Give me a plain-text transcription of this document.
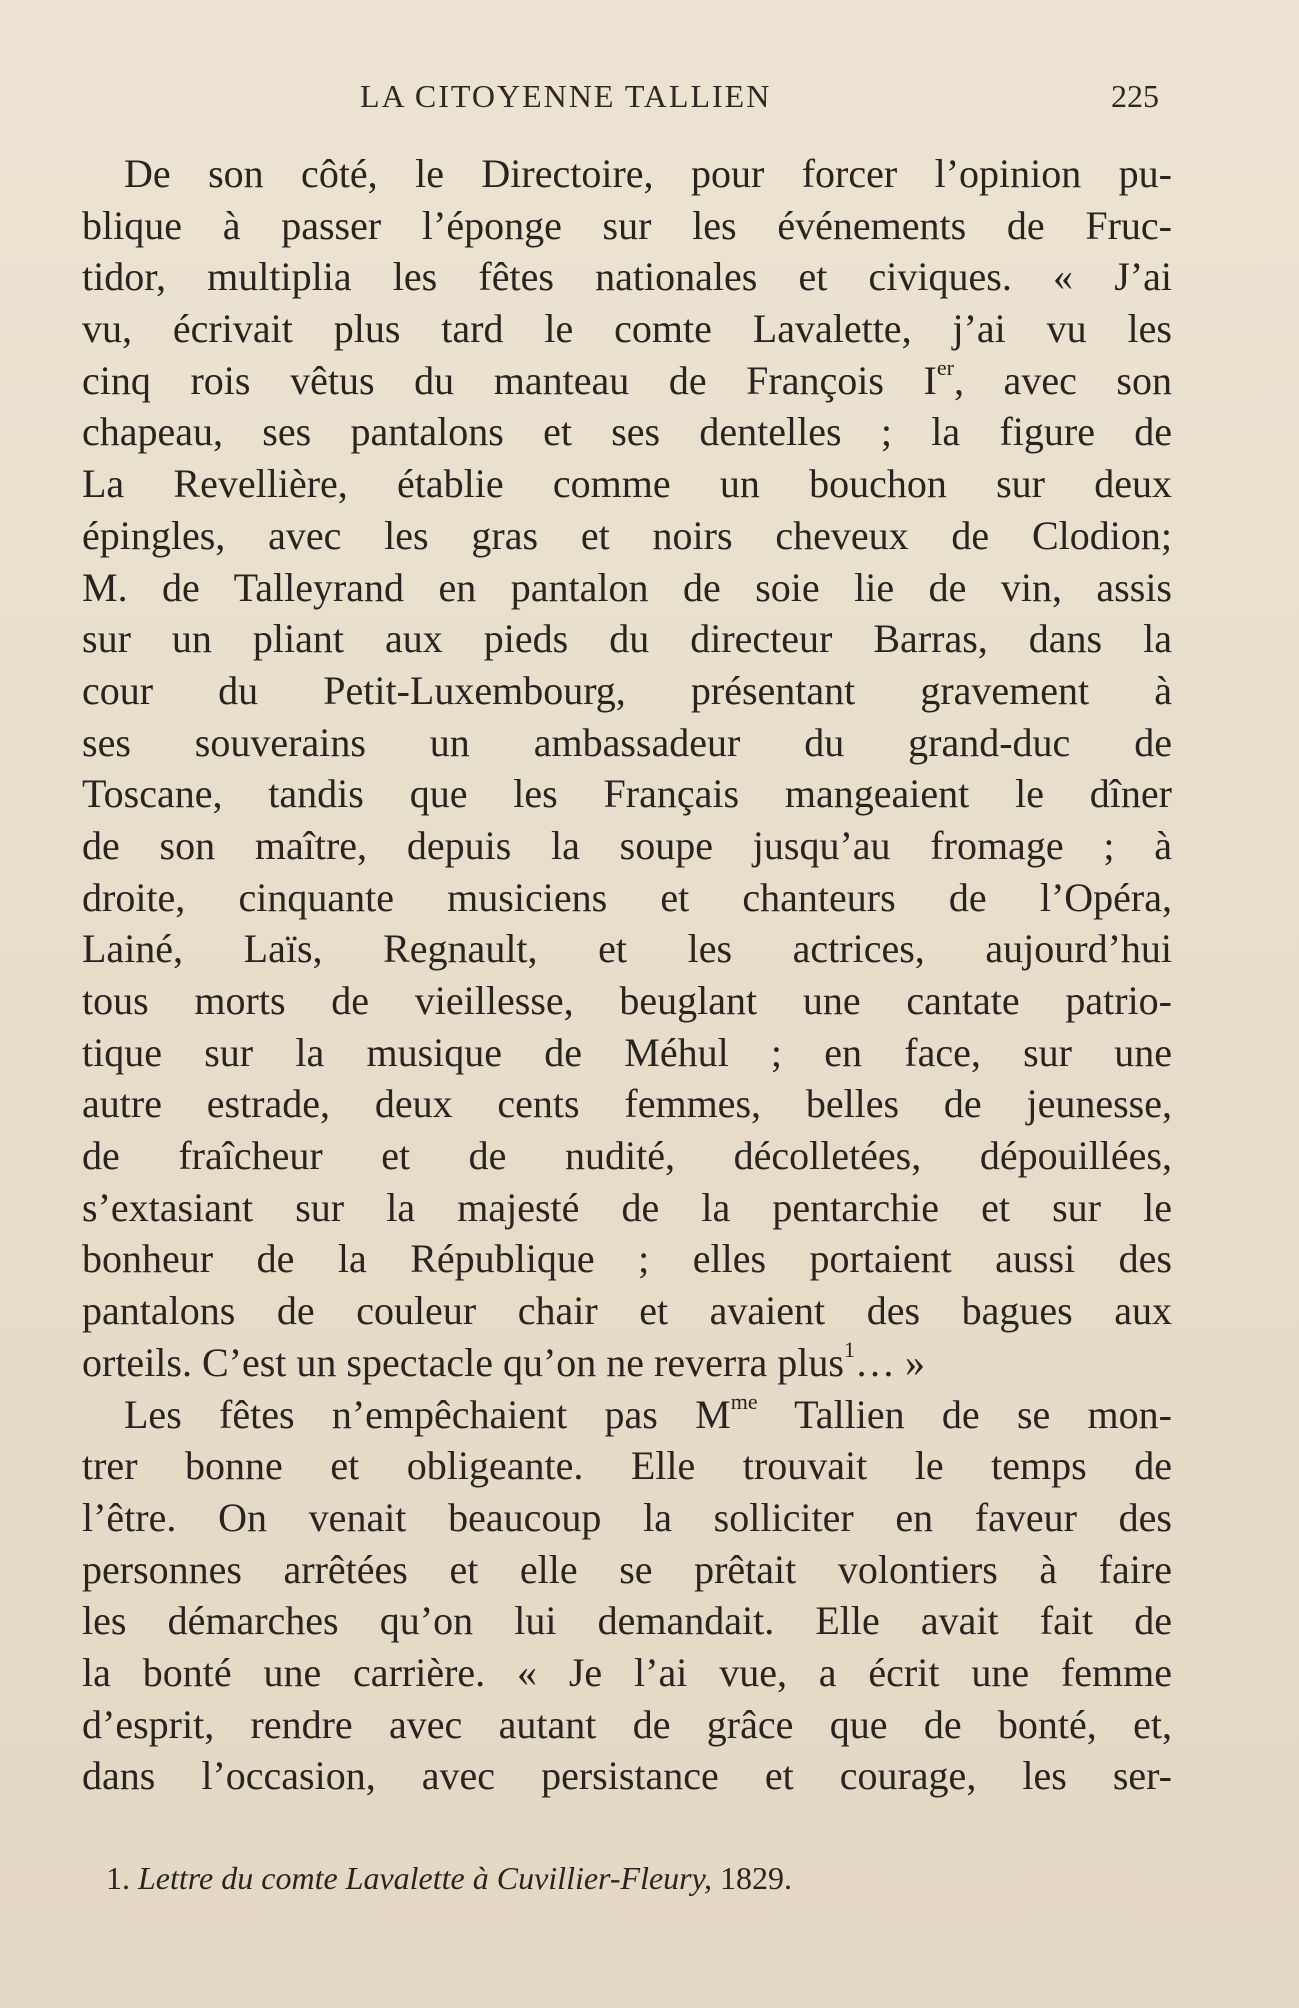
LA CITOYENNE TALLIEN	225
De son côté, le Directoire, pour forcer l’opinion pu-
blique à passer l’éponge sur les événements de Fruc-
tidor, multiplia les fêtes nationales et civiques. « J’ai
vu, écrivait plus tard le comte Lavalette, j’ai vu les
cinq rois vêtus du manteau de François Ier, avec son
chapeau, ses pantalons et ses dentelles ; la figure de
La Revellière, établie comme un bouchon sur deux
épingles, avec les gras et noirs cheveux de Clodion;
M. de Talleyrand en pantalon de soie lie de vin, assis
sur un pliant aux pieds du directeur Barras, dans la
cour du Petit-Luxembourg, présentant gravement à
ses souverains un ambassadeur du grand-duc de
Toscane, tandis que les Français mangeaient le dîner
de son maître, depuis la soupe jusqu’au fromage ; à
droite, cinquante musiciens et chanteurs de l’Opéra,
Lainé, Laïs, Regnault, et les actrices, aujourd’hui
tous morts de vieillesse, beuglant une cantate patrio-
tique sur la musique de Méhul ; en face, sur une
autre estrade, deux cents femmes, belles de jeunesse,
de fraîcheur et de nudité, décolletées, dépouillées,
s’extasiant sur la majesté de la pentarchie et sur le
bonheur de la République ; elles portaient aussi des
pantalons de couleur chair et avaient des bagues aux
orteils. C’est un spectacle qu’on ne reverra plus$^1$… »
Les fêtes n’empêchaient pas $M^{me}$ Tallien de se mon-
trer bonne et obligeante. Elle trouvait le temps de
l’être. On venait beaucoup la solliciter en faveur des
personnes arrêtées et elle se prêtait volontiers à faire
les démarches qu’on lui demandait. Elle avait fait de
la bonté une carrière. « Je l’ai vue, a écrit une femme
d’esprit, rendre avec autant de grâce que de bonté, et,
dans l’occasion, avec persistance et courage, les ser-
1. Lettre du comte Lavalette à Cuvillier-Fleury, 1829.
